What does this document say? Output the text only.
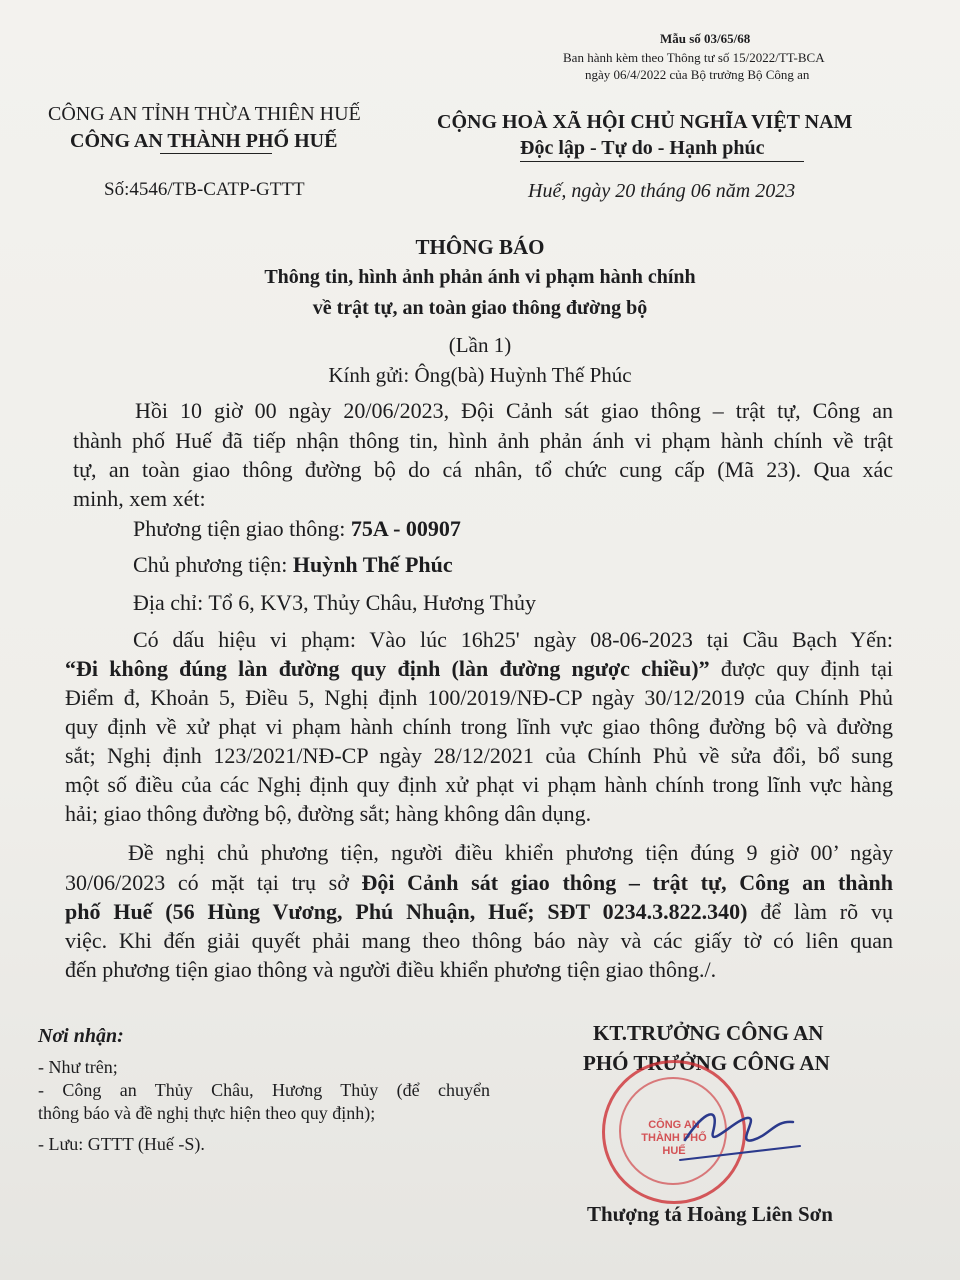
Mẫu số 03/65/68
Ban hành kèm theo Thông tư số 15/2022/TT-BCA
ngày 06/4/2022 của Bộ trưởng Bộ Công an
CÔNG AN TỈNH THỪA THIÊN HUẾ
CÔNG AN THÀNH PHỐ HUẾ
Số:4546/TB-CATP-GTTT
CỘNG HOÀ XÃ HỘI CHỦ NGHĨA VIỆT NAM
Độc lập - Tự do - Hạnh phúc
Huế, ngày 20 tháng 06 năm 2023
THÔNG BÁO
Thông tin, hình ảnh phản ánh vi phạm hành chính
về trật tự, an toàn giao thông đường bộ
(Lần 1)
Kính gửi: Ông(bà) Huỳnh Thế Phúc
Hồi 10 giờ 00 ngày 20/06/2023, Đội Cảnh sát giao thông – trật tự, Công an
thành phố Huế đã tiếp nhận thông tin, hình ảnh phản ánh vi phạm hành chính về trật
tự, an toàn giao thông đường bộ do cá nhân, tổ chức cung cấp (Mã 23). Qua xác
minh, xem xét:
Phương tiện giao thông: 75A - 00907
Chủ phương tiện: Huỳnh Thế Phúc
Địa chỉ: Tổ 6, KV3, Thủy Châu, Hương Thủy
Có dấu hiệu vi phạm: Vào lúc 16h25' ngày 08-06-2023 tại Cầu Bạch Yến:
“Đi không đúng làn đường quy định (làn đường ngược chiều)” được quy định tại
Điểm đ, Khoản 5, Điều 5, Nghị định 100/2019/NĐ-CP ngày 30/12/2019 của Chính Phủ
quy định về xử phạt vi phạm hành chính trong lĩnh vực giao thông đường bộ và đường
sắt; Nghị định 123/2021/NĐ-CP ngày 28/12/2021 của Chính Phủ về sửa đổi, bổ sung
một số điều của các Nghị định quy định xử phạt vi phạm hành chính trong lĩnh vực hàng
hải; giao thông đường bộ, đường sắt; hàng không dân dụng.
Đề nghị chủ phương tiện, người điều khiển phương tiện đúng 9 giờ 00’ ngày
30/06/2023 có mặt tại trụ sở Đội Cảnh sát giao thông – trật tự, Công an thành
phố Huế (56 Hùng Vương, Phú Nhuận, Huế; SĐT 0234.3.822.340) để làm rõ vụ
việc. Khi đến giải quyết phải mang theo thông báo này và các giấy tờ có liên quan
đến phương tiện giao thông và người điều khiển phương tiện giao thông./.
Nơi nhận:
- Như trên;
- Công an Thủy Châu, Hương Thủy (để chuyển
thông báo và đề nghị thực hiện theo quy định);
- Lưu: GTTT (Huế -S).
KT.TRƯỞNG CÔNG AN
PHÓ TRƯỞNG CÔNG AN
CÔNG AN THÀNH PHỐ HUẾ
Thượng tá Hoàng Liên Sơn
